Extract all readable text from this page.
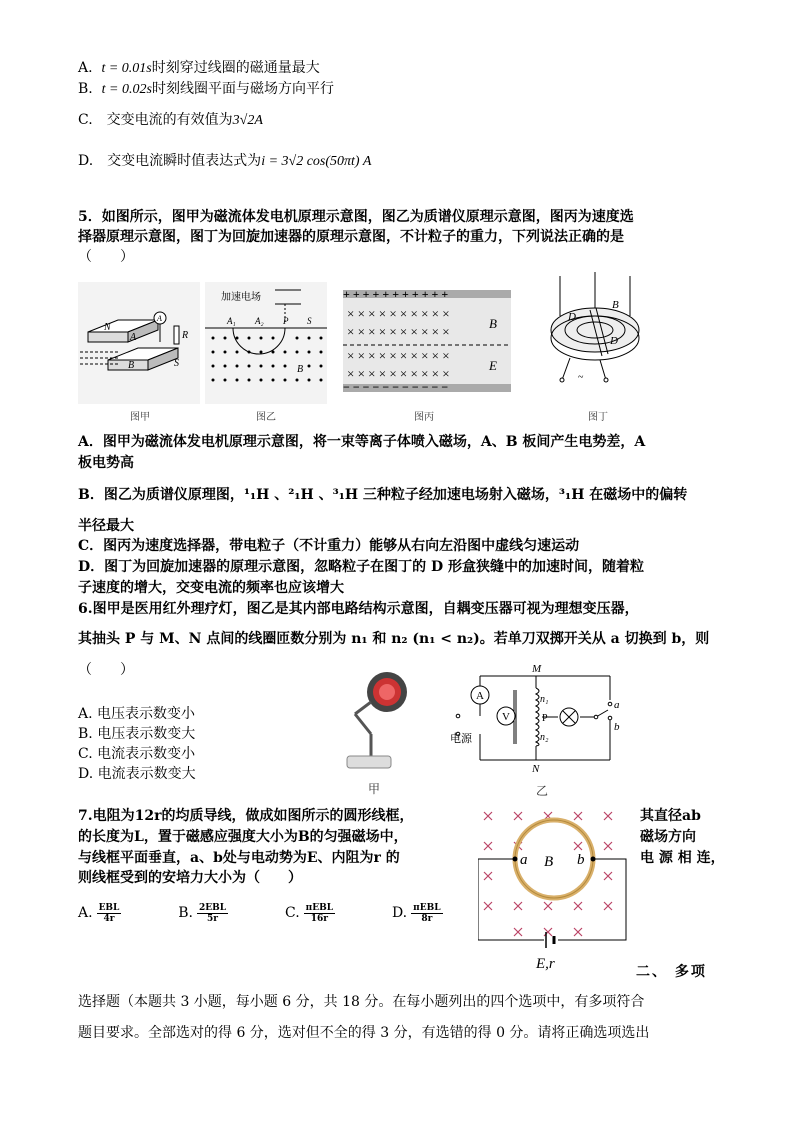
A. t = 0.01s时刻穿过线圈的磁通量最大
B. t = 0.02s时刻线圈平面与磁场方向平行
C.　交变电流的有效值为3√2A
D.　交变电流瞬时值表达式为i = 3√2 cos(50πt) A
5．如图所示，图甲为磁流体发电机原理示意图，图乙为质谱仪原理示意图，图丙为速度选
择器原理示意图，图丁为回旋加速器的原理示意图，不计粒子的重力，下列说法正确的是
（　　）
N
A
A
R
B	S
图甲
加速电场
A₁ A₂ P S
B
图乙
+ + + + + + + + + + +
− − − − − − − − − − −
× × × × × × × × × ×
× × × × × × × × × ×
× × × × × × × × × ×
× × × × × × × × × ×
B
E
图丙
~
D
B
D
图丁
A．图甲为磁流体发电机原理示意图，将一束等离子体喷入磁场，A、B 板间产生电势差，A
板电势高
B．图乙为质谱仪原理图，¹₁H 、²₁H 、³₁H 三种粒子经加速电场射入磁场，³₁H 在磁场中的偏转
半径最大
C．图丙为速度选择器，带电粒子（不计重力）能够从右向左沿图中虚线匀速运动
D．图丁为回旋加速器的原理示意图，忽略粒子在图丁的 D 形盒狭缝中的加速时间，随着粒
子速度的增大，交变电流的频率也应该增大
6.图甲是医用红外理疗灯，图乙是其内部电路结构示意图，自耦变压器可视为理想变压器，
其抽头 P 与 M、N 点间的线圈匝数分别为 n₁ 和 n₂ (n₁ < n₂)。若单刀双掷开关从 a 切换到 b，则
（　　）
A. 电压表示数变小
B. 电压表示数变大
C. 电流表示数变小
D. 电流表示数变大
甲
A
V
M
N
n₁
P
n₂
a
b
电源
乙
7.电阻为12r的均质导线，做成如图所示的圆形线框，
的长度为L，置于磁感应强度大小为B的匀强磁场中，
与线框平面垂直，a、b处与电动势为E、内阻为r 的
则线框受到的安培力大小为（　　）
其直径ab
磁场方向
电 源 相 连，
A. $\frac{\text{EBL}}{4r}$	B. $\frac{\text{2EBL}}{5r}$	C. $\frac{\text{πEBL}}{16r}$	D. $\frac{\text{πEBL}}{8r}$
a B b
E,r	二、 多项
选择题（本题共 3 小题，每小题 6 分，共 18 分。在每小题列出的四个选项中，有多项符合
题目要求。全部选对的得 6 分，选对但不全的得 3 分，有选错的得 0 分。请将正确选项选出
